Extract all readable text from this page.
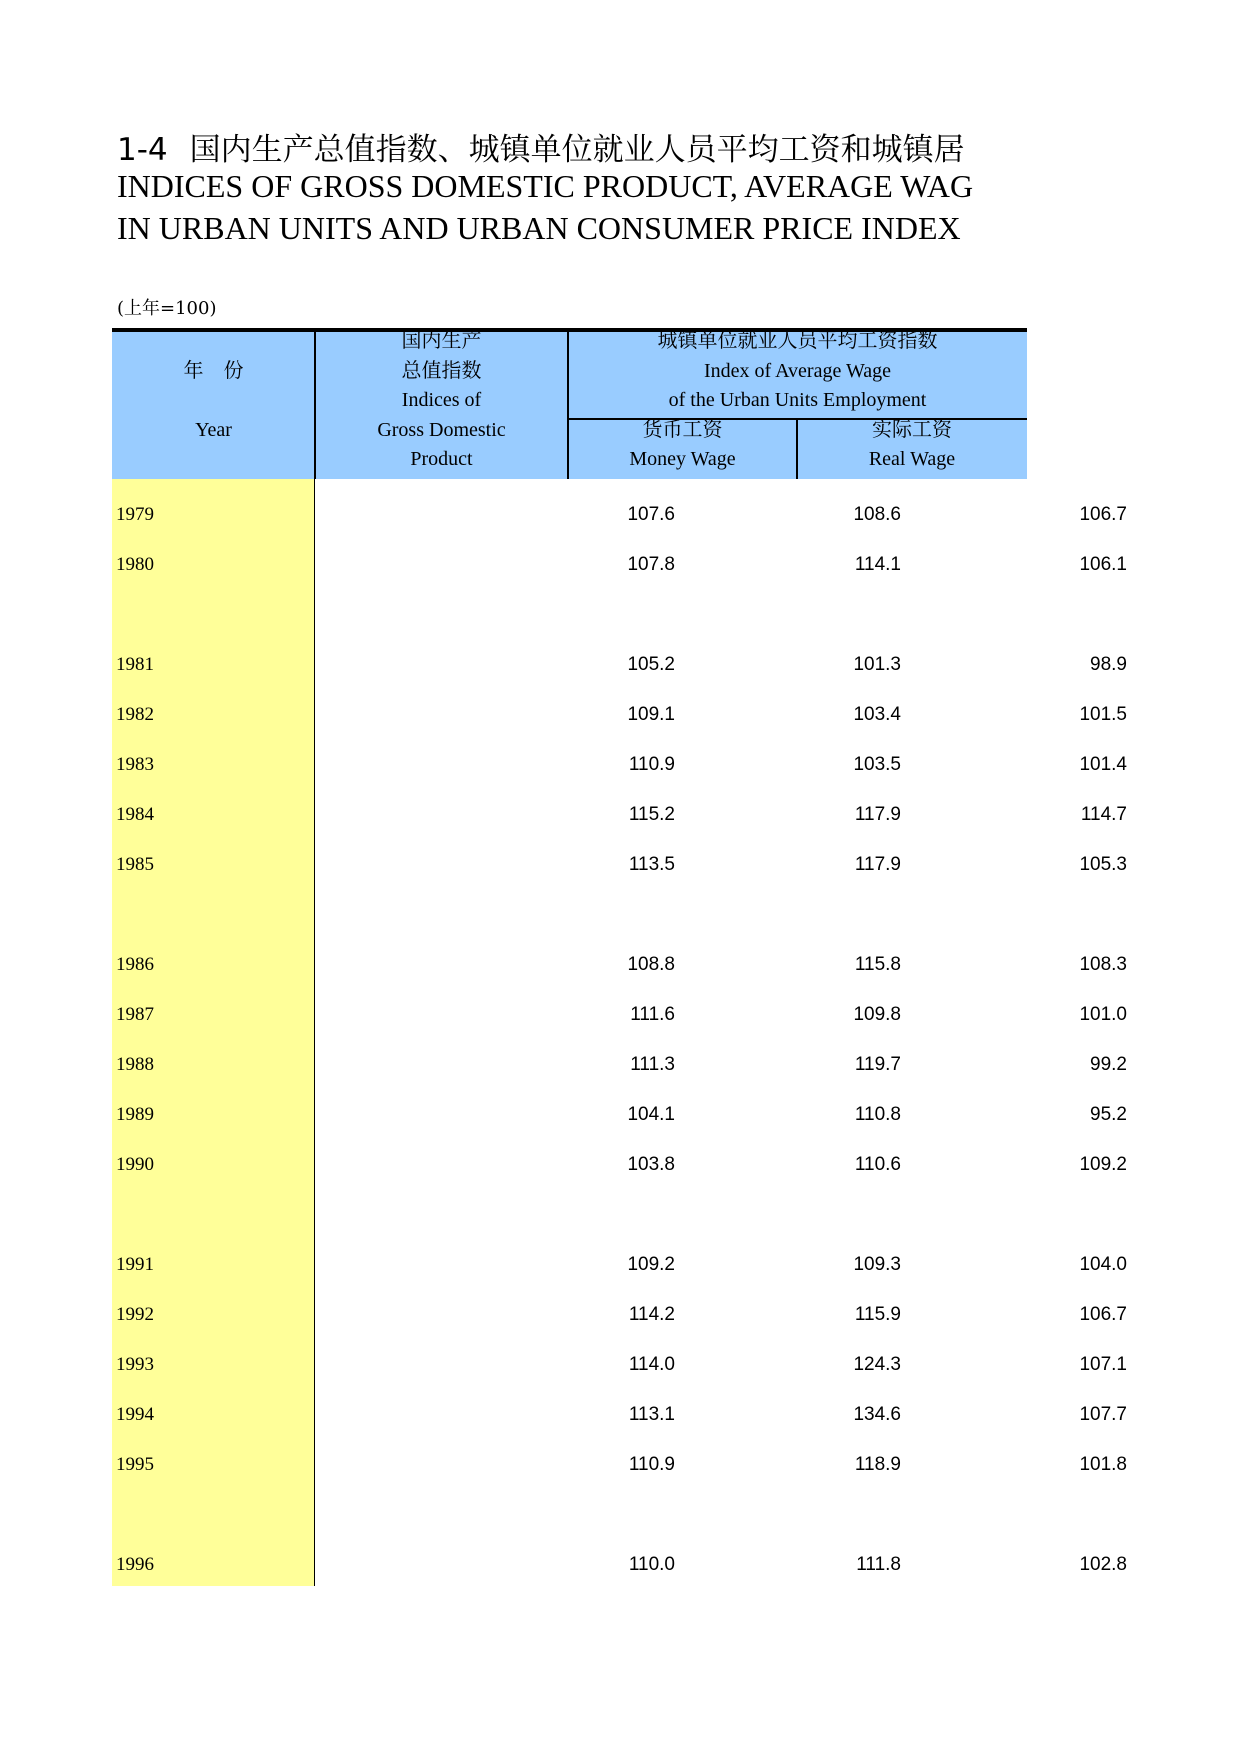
1-4 国内生产总值指数、城镇单位就业人员平均工资和城镇居
INDICES OF GROSS DOMESTIC PRODUCT, AVERAGE WAG
IN URBAN UNITS AND URBAN CONSUMER PRICE INDEX
(上年=100)
年　份
Year
国内生产
总值指数
Indices of
Gross Domestic
Product
城镇单位就业人员平均工资指数
Index of Average Wage
of the Urban Units Employment
货币工资
Money Wage
实际工资
Real Wage
1979	107.6	108.6	106.7
1980	107.8	114.1	106.1
1981	105.2	101.3	98.9
1982	109.1	103.4	101.5
1983	110.9	103.5	101.4
1984	115.2	117.9	114.7
1985	113.5	117.9	105.3
1986	108.8	115.8	108.3
1987	111.6	109.8	101.0
1988	111.3	119.7	99.2
1989	104.1	110.8	95.2
1990	103.8	110.6	109.2
1991	109.2	109.3	104.0
1992	114.2	115.9	106.7
1993	114.0	124.3	107.1
1994	113.1	134.6	107.7
1995	110.9	118.9	101.8
1996	110.0	111.8	102.8
